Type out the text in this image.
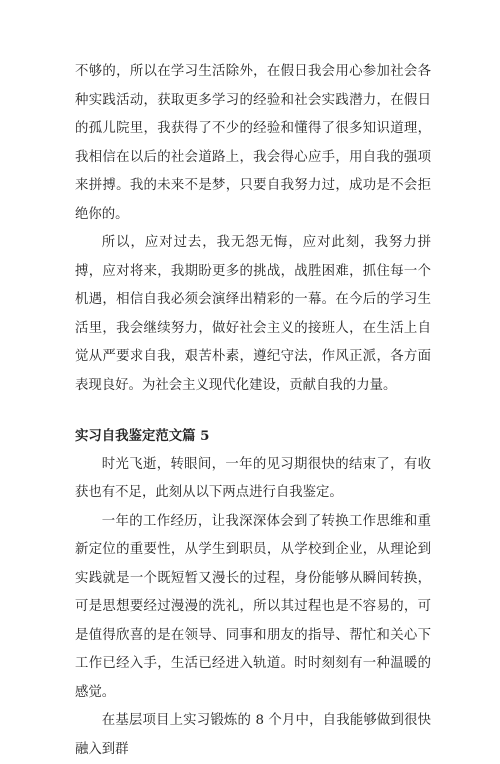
不够的，所以在学习生活除外，在假日我会用心参加社会各种实践活动，获取更多学习的经验和社会实践潜力，在假日的孤儿院里，我获得了不少的经验和懂得了很多知识道理，我相信在以后的社会道路上，我会得心应手，用自我的强项来拼搏。我的未来不是梦，只要自我努力过，成功是不会拒绝你的。

所以，应对过去，我无怨无悔，应对此刻，我努力拼搏，应对将来，我期盼更多的挑战，战胜困难，抓住每一个机遇，相信自我必须会演绎出精彩的一幕。在今后的学习生活里，我会继续努力，做好社会主义的接班人，在生活上自觉从严要求自我，艰苦朴素，遵纪守法，作风正派，各方面表现良好。为社会主义现代化建设，贡献自我的力量。

实习自我鉴定范文篇 5

时光飞逝，转眼间，一年的见习期很快的结束了，有收获也有不足，此刻从以下两点进行自我鉴定。

一年的工作经历，让我深深体会到了转换工作思维和重新定位的重要性，从学生到职员，从学校到企业，从理论到实践就是一个既短暂又漫长的过程，身份能够从瞬间转换，可是思想要经过漫漫的洗礼，所以其过程也是不容易的，可是值得欣喜的是在领导、同事和朋友的指导、帮忙和关心下工作已经入手，生活已经进入轨道。时时刻刻有一种温暖的感觉。

在基层项目上实习锻炼的 8 个月中，自我能够做到很快融入到群
